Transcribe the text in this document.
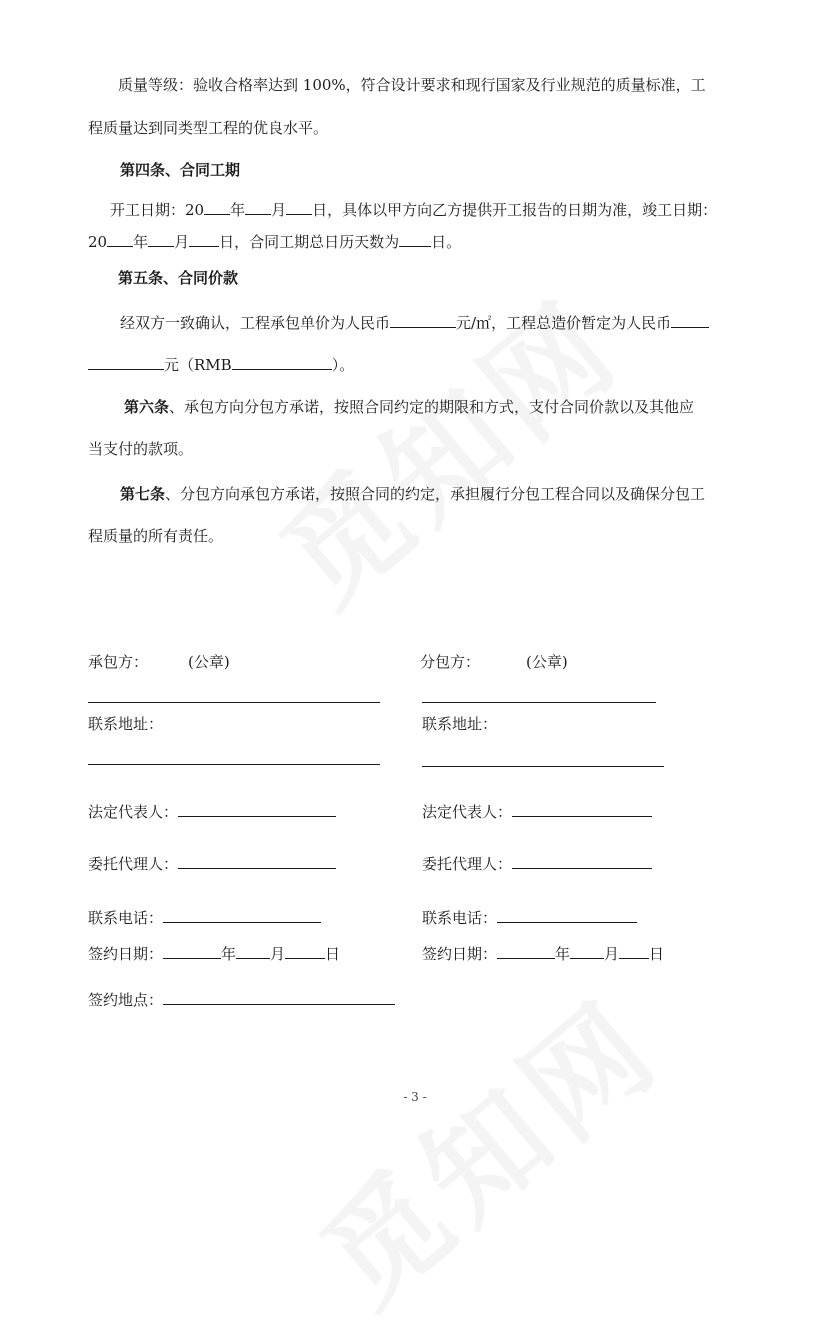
质量等级：验收合格率达到 100%，符合设计要求和现行国家及行业规范的质量标准，工
程质量达到同类型工程的优良水平。
第四条、合同工期
开工日期：20 年 月 日，具体以甲方向乙方提供开工报告的日期为准，竣工日期：
20 年 月 日，合同工期总日历天数为 日。
第五条、合同价款
经双方一致确认，工程承包单价为人民币	元/㎡，工程总造价暂定为人民币
元（RMB	）。
第六条、承包方向分包方承诺，按照合同约定的期限和方式，支付合同价款以及其他应
当支付的款项。
第七条、分包方向承包方承诺，按照合同的约定，承担履行分包工程合同以及确保分包工
程质量的所有责任。
承包方：	(公章)
联系地址：
法定代表人：
委托代理人：
联系电话：
签约日期：	年 月	日
签约地点：
分包方：	(公章)
联系地址：
法定代表人：
委托代理人：
联系电话：
签约日期：	年 月 日
- 3 -
